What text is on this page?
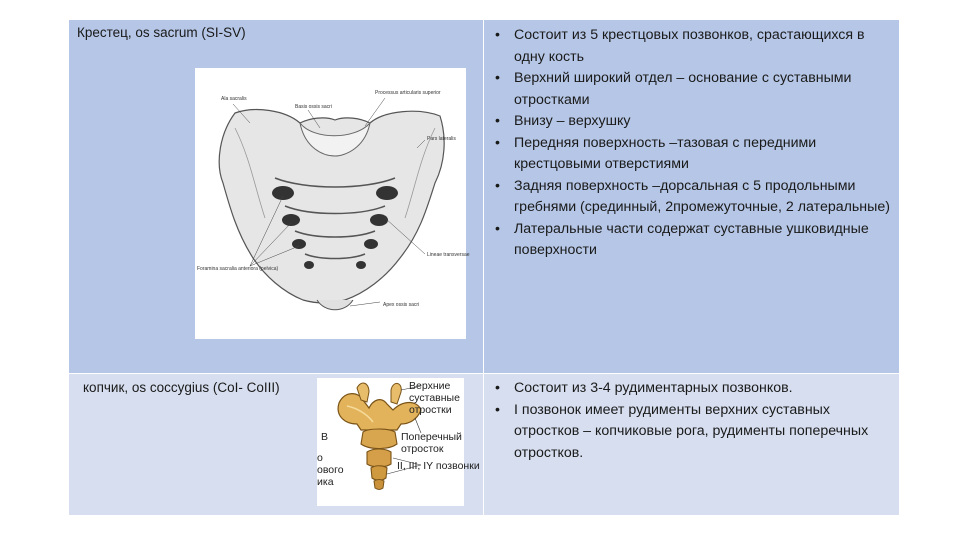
Крестец, os sacrum (SI-SV)
Ala sacralis
Basis ossis sacri
Processus articularis superior
Pars lateralis
Foramina sacralia anteriora (pelvica)
Lineae transversae
Apex ossis sacri
• Состоит из 5 крестцовых позвонков, срастающихся в одну кость
• Верхний широкий отдел – основание с суставными отростками
• Внизу – верхушку
• Передняя поверхность –тазовая с передними крестцовыми отверстиями
• Задняя поверхность –дорсальная с 5 продольными гребнями (срединный, 2промежуточные, 2 латеральные)
• Латеральные части содержат суставные ушковидные поверхности
копчик, os coccygius (CoI- CoIII)	Верхние
суставные
отростки
В	Поперечный
отросток
II, III, IY позвонки
о
ового
ика
• Состоит из 3-4 рудиментарных позвонков.
• I позвонок имеет рудименты верхних суставных отростков – копчиковые рога, рудименты поперечных отростков.
